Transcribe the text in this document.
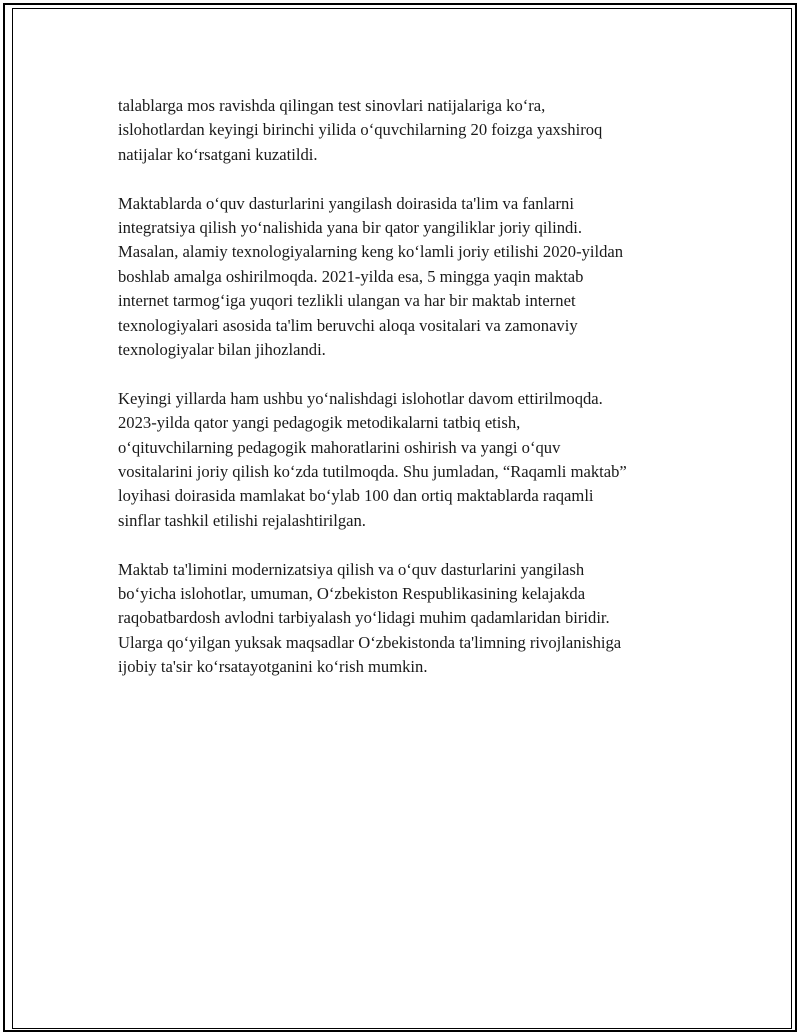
talablarga mos ravishda qilingan test sinovlari natijalariga ko‘ra,
islohotlardan keyingi birinchi yilida o‘quvchilarning 20 foizga yaxshiroq
natijalar ko‘rsatgani kuzatildi.

Maktablarda o‘quv dasturlarini yangilash doirasida ta'lim va fanlarni
integratsiya qilish yo‘nalishida yana bir qator yangiliklar joriy qilindi.
Masalan, alamiy texnologiyalarning keng ko‘lamli joriy etilishi 2020-yildan
boshlab amalga oshirilmoqda. 2021-yilda esa, 5 mingga yaqin maktab
internet tarmog‘iga yuqori tezlikli ulangan va har bir maktab internet
texnologiyalari asosida ta'lim beruvchi aloqa vositalari va zamonaviy
texnologiyalar bilan jihozlandi.

Keyingi yillarda ham ushbu yo‘nalishdagi islohotlar davom ettirilmoqda.
2023-yilda qator yangi pedagogik metodikalarni tatbiq etish,
o‘qituvchilarning pedagogik mahoratlarini oshirish va yangi o‘quv
vositalarini joriy qilish ko‘zda tutilmoqda. Shu jumladan, “Raqamli maktab”
loyihasi doirasida mamlakat bo‘ylab 100 dan ortiq maktablarda raqamli
sinflar tashkil etilishi rejalashtirilgan.

Maktab ta'limini modernizatsiya qilish va o‘quv dasturlarini yangilash
bo‘yicha islohotlar, umuman, O‘zbekiston Respublikasining kelajakda
raqobatbardosh avlodni tarbiyalash yo‘lidagi muhim qadamlaridan biridir.
Ularga qo‘yilgan yuksak maqsadlar O‘zbekistonda ta'limning rivojlanishiga
ijobiy ta'sir ko‘rsatayotganini ko‘rish mumkin.
